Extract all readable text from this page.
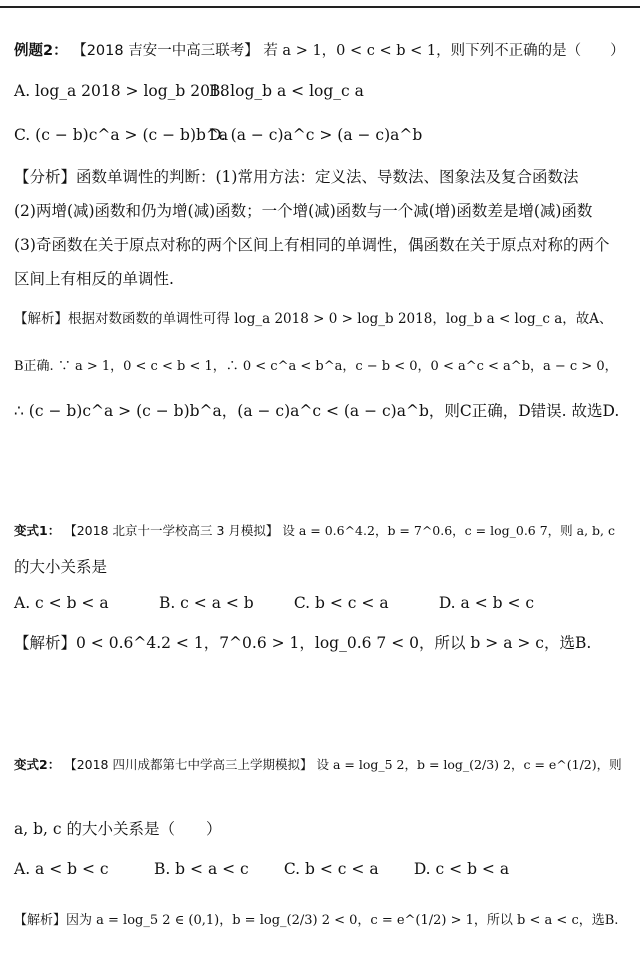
例题2： 【2018 吉安一中高三联考】 若 a > 1，0 < c < b < 1，则下列不正确的是（　　）
A. log_a 2018 > log_b 2018 B. log_b a < log_c a
C. (c − b)c^a > (c − b)b^a D. (a − c)a^c > (a − c)a^b
【分析】函数单调性的判断：(1)常用方法：定义法、导数法、图象法及复合函数法
(2)两增(减)函数和仍为增(减)函数；一个增(减)函数与一个减(增)函数差是增(减)函数
(3)奇函数在关于原点对称的两个区间上有相同的单调性，偶函数在关于原点对称的两个
区间上有相反的单调性.
【解析】根据对数函数的单调性可得 log_a 2018 > 0 > log_b 2018，log_b a < log_c a，故A、
B正确. ∵ a > 1，0 < c < b < 1，∴ 0 < c^a < b^a，c − b < 0，0 < a^c < a^b，a − c > 0，
∴ (c − b)c^a > (c − b)b^a，(a − c)a^c < (a − c)a^b，则C正确，D错误. 故选D.
变式1： 【2018 北京十一学校高三 3 月模拟】 设 a = 0.6^4.2，b = 7^0.6，c = log_0.6 7，则 a, b, c
的大小关系是
A. c < b < a	B. c < a < b	C. b < c < a	D. a < b < c
【解析】0 < 0.6^4.2 < 1，7^0.6 > 1，log_0.6 7 < 0，所以 b > a > c，选B.
变式2： 【2018 四川成都第七中学高三上学期模拟】 设 a = log_5 2，b = log_(2/3) 2，c = e^(1/2)，则
a, b, c 的大小关系是（　　）
A. a < b < c	B. b < a < c C. b < c < a D. c < b < a
【解析】因为 a = log_5 2 ∈ (0,1)，b = log_(2/3) 2 < 0，c = e^(1/2) > 1，所以 b < a < c，选B.
